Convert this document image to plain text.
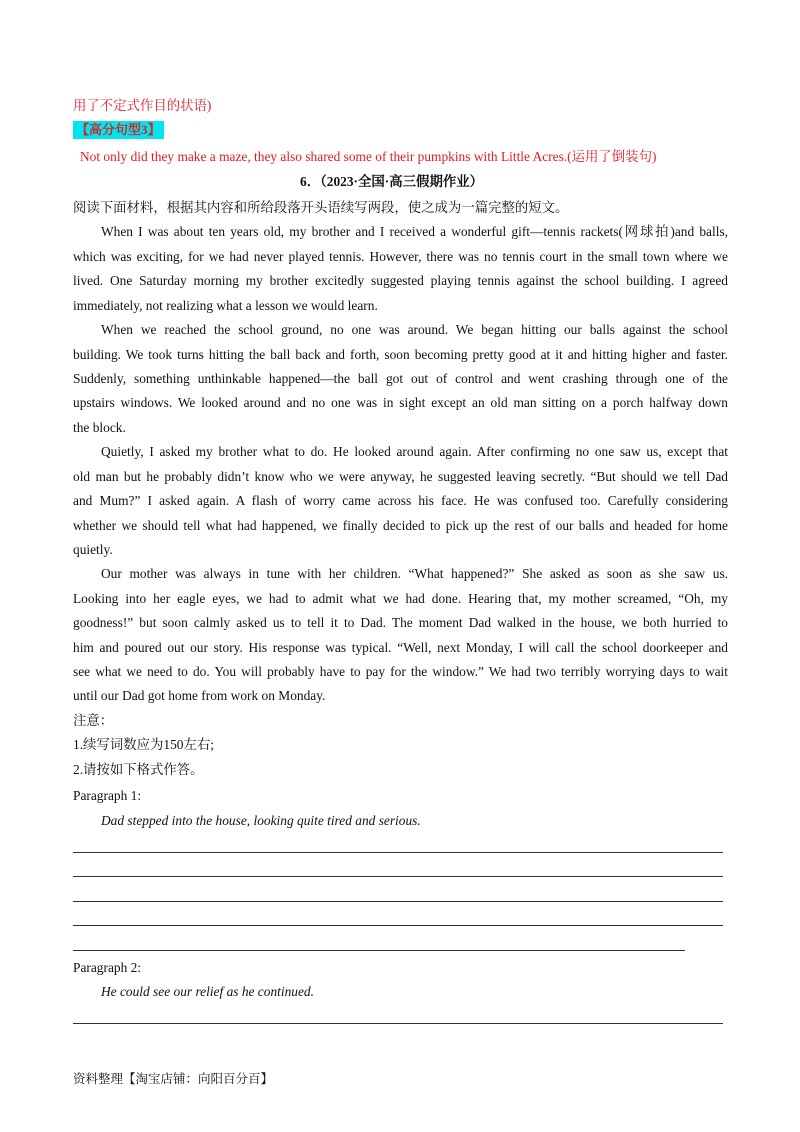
用了不定式作目的状语)
【高分句型3】
Not only did they make a maze, they also shared some of their pumpkins with Little Acres.(运用了倒装句)
6．（2023·全国·高三假期作业）
阅读下面材料，根据其内容和所给段落开头语续写两段，使之成为一篇完整的短文。
When I was about ten years old, my brother and I received a wonderful gift—tennis rackets(网球拍)and balls,
which was exciting, for we had never played tennis. However, there was no tennis court in the small town where we
lived. One Saturday morning my brother excitedly suggested playing tennis against the school building. I agreed
immediately, not realizing what a lesson we would learn.
When we reached the school ground, no one was around. We began hitting our balls against the school
building. We took turns hitting the ball back and forth, soon becoming pretty good at it and hitting higher and faster.
Suddenly, something unthinkable happened—the ball got out of control and went crashing through one of the
upstairs windows. We looked around and no one was in sight except an old man sitting on a porch halfway down
the block.
Quietly, I asked my brother what to do. He looked around again. After confirming no one saw us, except that
old man but he probably didn’t know who we were anyway, he suggested leaving secretly. “But should we tell Dad
and Mum?” I asked again. A flash of worry came across his face. He was confused too. Carefully considering
whether we should tell what had happened, we finally decided to pick up the rest of our balls and headed for home
quietly.
Our mother was always in tune with her children. “What happened?” She asked as soon as she saw us.
Looking into her eagle eyes, we had to admit what we had done. Hearing that, my mother screamed, “Oh, my
goodness!” but soon calmly asked us to tell it to Dad. The moment Dad walked in the house, we both hurried to
him and poured out our story. His response was typical. “Well, next Monday, I will call the school doorkeeper and
see what we need to do. You will probably have to pay for the window.” We had two terribly worrying days to wait
until our Dad got home from work on Monday.
注意：
1.续写词数应为150左右;
2.请按如下格式作答。
Paragraph 1:
Dad stepped into the house, looking quite tired and serious.
Paragraph 2:
He could see our relief as he continued.
资料整理【淘宝店铺：向阳百分百】
